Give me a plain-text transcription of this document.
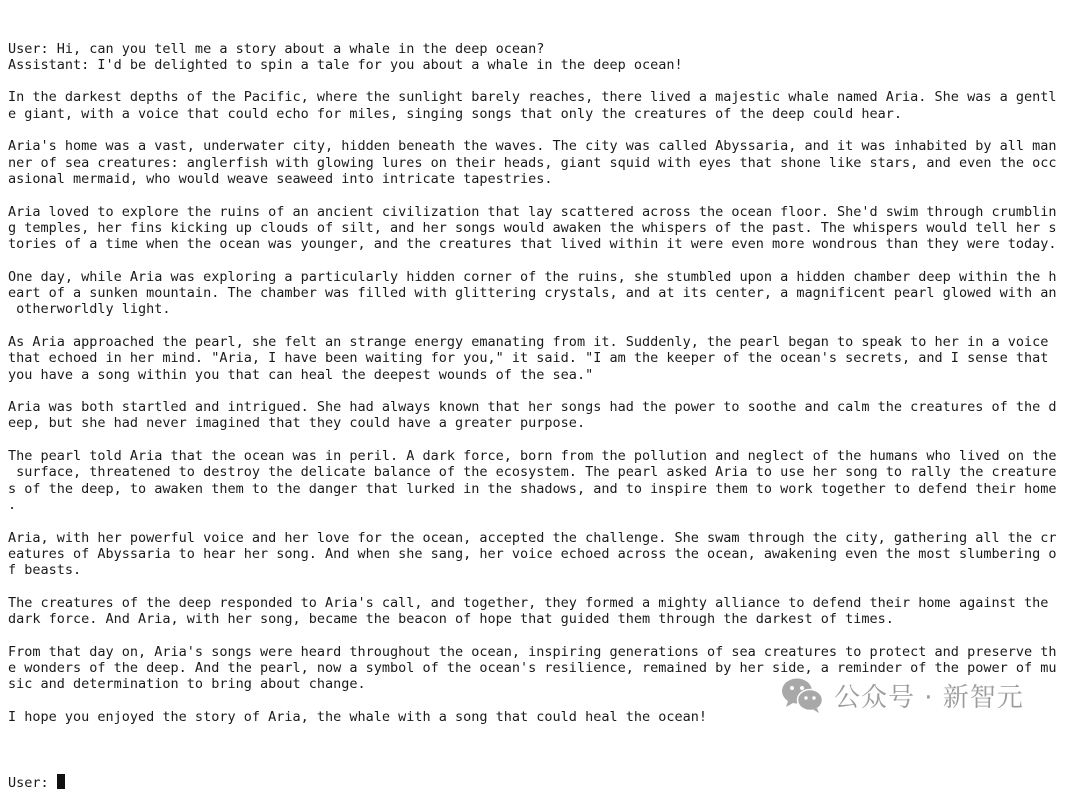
User: Hi, can you tell me a story about a whale in the deep ocean?
Assistant: I'd be delighted to spin a tale for you about a whale in the deep ocean!
In the darkest depths of the Pacific, where the sunlight barely reaches, there lived a majestic whale named Aria. She was a gentl
e giant, with a voice that could echo for miles, singing songs that only the creatures of the deep could hear.
Aria's home was a vast, underwater city, hidden beneath the waves. The city was called Abyssaria, and it was inhabited by all man
ner of sea creatures: anglerfish with glowing lures on their heads, giant squid with eyes that shone like stars, and even the occ
asional mermaid, who would weave seaweed into intricate tapestries.
Aria loved to explore the ruins of an ancient civilization that lay scattered across the ocean floor. She'd swim through crumblin
g temples, her fins kicking up clouds of silt, and her songs would awaken the whispers of the past. The whispers would tell her s
tories of a time when the ocean was younger, and the creatures that lived within it were even more wondrous than they were today.
One day, while Aria was exploring a particularly hidden corner of the ruins, she stumbled upon a hidden chamber deep within the h
eart of a sunken mountain. The chamber was filled with glittering crystals, and at its center, a magnificent pearl glowed with an
otherworldly light.
As Aria approached the pearl, she felt an strange energy emanating from it. Suddenly, the pearl began to speak to her in a voice
that echoed in her mind. "Aria, I have been waiting for you," it said. "I am the keeper of the ocean's secrets, and I sense that
you have a song within you that can heal the deepest wounds of the sea."
Aria was both startled and intrigued. She had always known that her songs had the power to soothe and calm the creatures of the d
eep, but she had never imagined that they could have a greater purpose.
The pearl told Aria that the ocean was in peril. A dark force, born from the pollution and neglect of the humans who lived on the
surface, threatened to destroy the delicate balance of the ecosystem. The pearl asked Aria to use her song to rally the creature
s of the deep, to awaken them to the danger that lurked in the shadows, and to inspire them to work together to defend their home
.
Aria, with her powerful voice and her love for the ocean, accepted the challenge. She swam through the city, gathering all the cr
eatures of Abyssaria to hear her song. And when she sang, her voice echoed across the ocean, awakening even the most slumbering o
f beasts.
The creatures of the deep responded to Aria's call, and together, they formed a mighty alliance to defend their home against the
dark force. And Aria, with her song, became the beacon of hope that guided them through the darkest of times.
From that day on, Aria's songs were heard throughout the ocean, inspiring generations of sea creatures to protect and preserve th
e wonders of the deep. And the pearl, now a symbol of the ocean's resilience, remained by her side, a reminder of the power of mu
sic and determination to bring about change.
I hope you enjoyed the story of Aria, the whale with a song that could heal the ocean!

User:

公众号 · 新智元
